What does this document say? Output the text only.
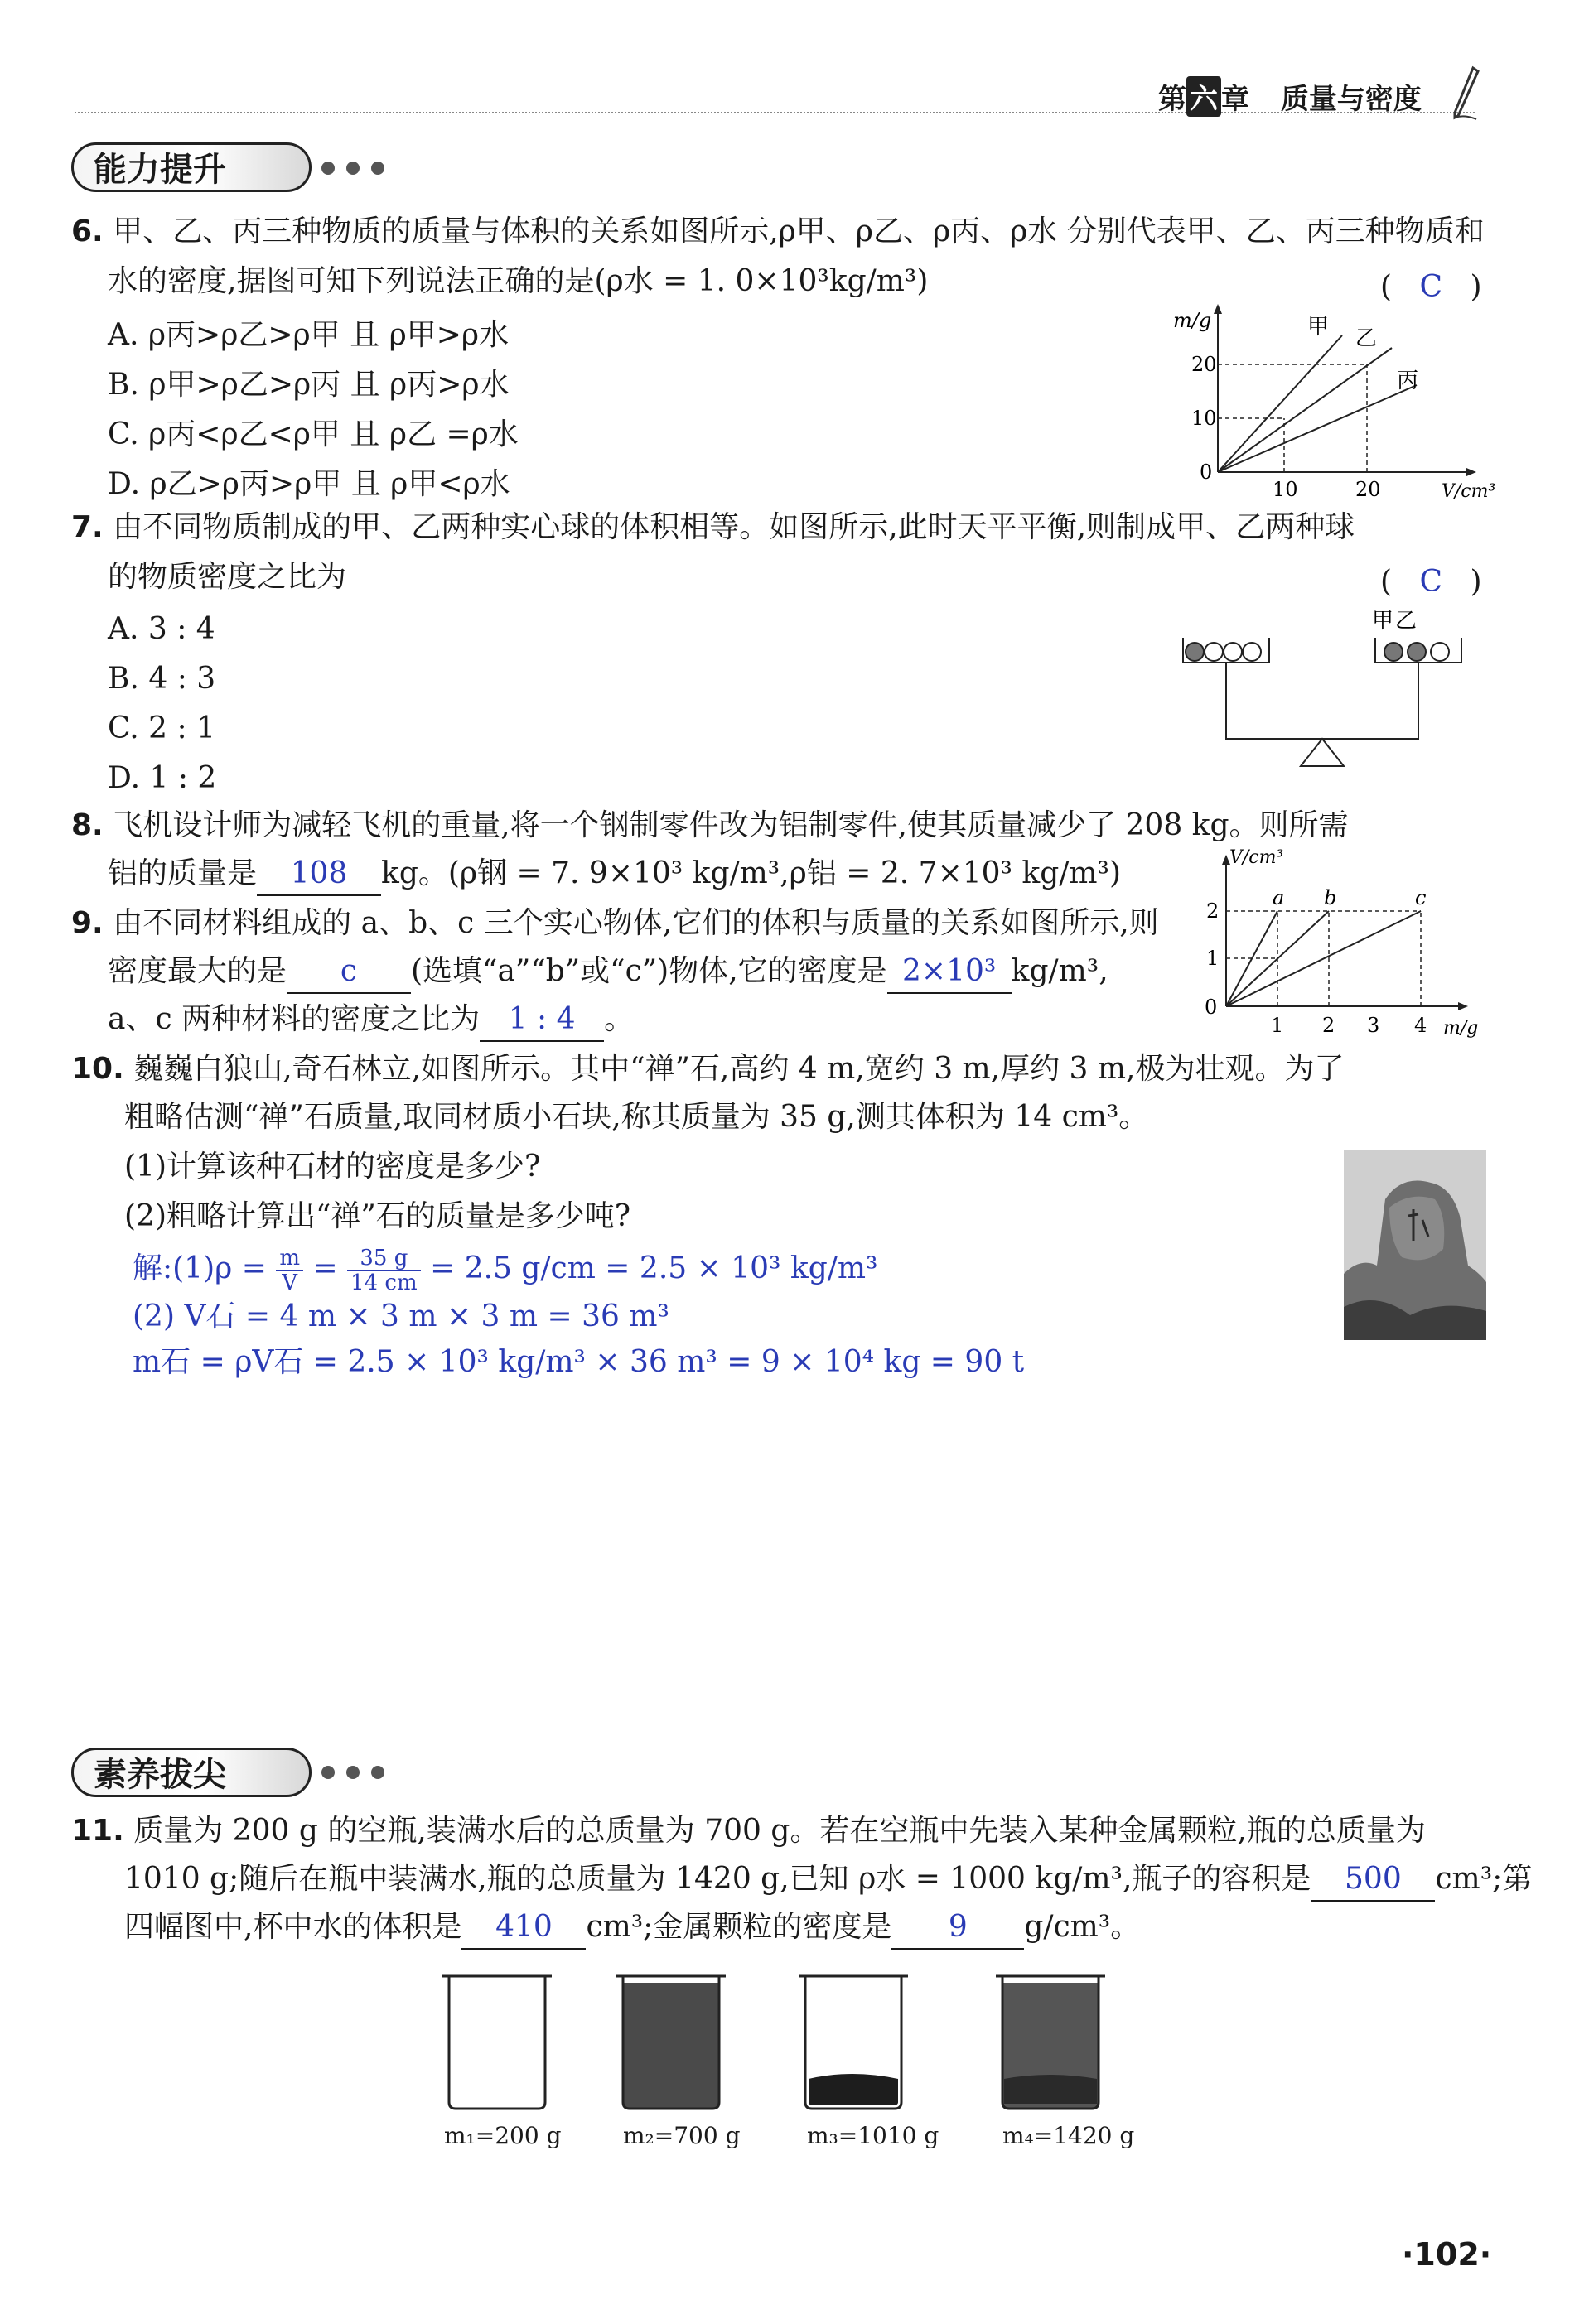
第 六 章 质量与密度
能力提升
6. 甲、乙、丙三种物质的质量与体积的关系如图所示,ρ甲、ρ乙、ρ丙、ρ水 分别代表甲、乙、丙三种物质和
水的密度,据图可知下列说法正确的是(ρ水 = 1. 0×10³kg/m³)	( C )
A. ρ丙>ρ乙>ρ甲 且 ρ甲>ρ水
B. ρ甲>ρ乙>ρ丙 且 ρ丙>ρ水
C. ρ丙<ρ乙<ρ甲 且 ρ乙 =ρ水
D. ρ乙>ρ丙>ρ甲 且 ρ甲<ρ水
m/g
V/cm³
20
10
0
10	20
甲 乙
丙
7. 由不同物质制成的甲、乙两种实心球的体积相等。如图所示,此时天平平衡,则制成甲、乙两种球
的物质密度之比为	( C )
A. 3 : 4
B. 4 : 3
C. 2 : 1
D. 1 : 2
甲 乙
8. 飞机设计师为减轻飞机的重量,将一个钢制零件改为铝制零件,使其质量减少了 208 kg。则所需
铝的质量是 108 kg。(ρ钢 = 7. 9×10³ kg/m³,ρ铝 = 2. 7×10³ kg/m³)
9. 由不同材料组成的 a、b、c 三个实心物体,它们的体积与质量的关系如图所示,则
密度最大的是 c (选填“a”“b”或“c”)物体,它的密度是 2×10³ kg/m³,
a、c 两种材料的密度之比为 1 : 4 。
V/cm³
m/g
2
1
0
1 2 3 4
a b	c
10. 巍巍白狼山,奇石林立,如图所示。其中“禅”石,高约 4 m,宽约 3 m,厚约 3 m,极为壮观。为了
粗略估测“禅”石质量,取同材质小石块,称其质量为 35 g,测其体积为 14 cm³。
(1)计算该种石材的密度是多少?
(2)粗略计算出“禅”石的质量是多少吨?
解:(1)ρ = $\frac{m}{V} = \frac{35 g}{14 cm} = 2.5$ g/cm = 2.5 × 10³ kg/m³
(2) V石 = 4 m × 3 m × 3 m = 36 m³
m石 = ρV石 = 2.5 × 10³ kg/m³ × 36 m³ = 9 × 10⁴ kg = 90 t
素养拔尖
11. 质量为 200 g 的空瓶,装满水后的总质量为 700 g。若在空瓶中先装入某种金属颗粒,瓶的总质量为
1010 g;随后在瓶中装满水,瓶的总质量为 1420 g,已知 ρ水 = 1000 kg/m³,瓶子的容积是 500 cm³;第
四幅图中,杯中水的体积是 410 cm³;金属颗粒的密度是 9 g/cm³。
m₁=200 g	m₂=700 g	m₃=1010 g	m₄=1420 g
·102·
